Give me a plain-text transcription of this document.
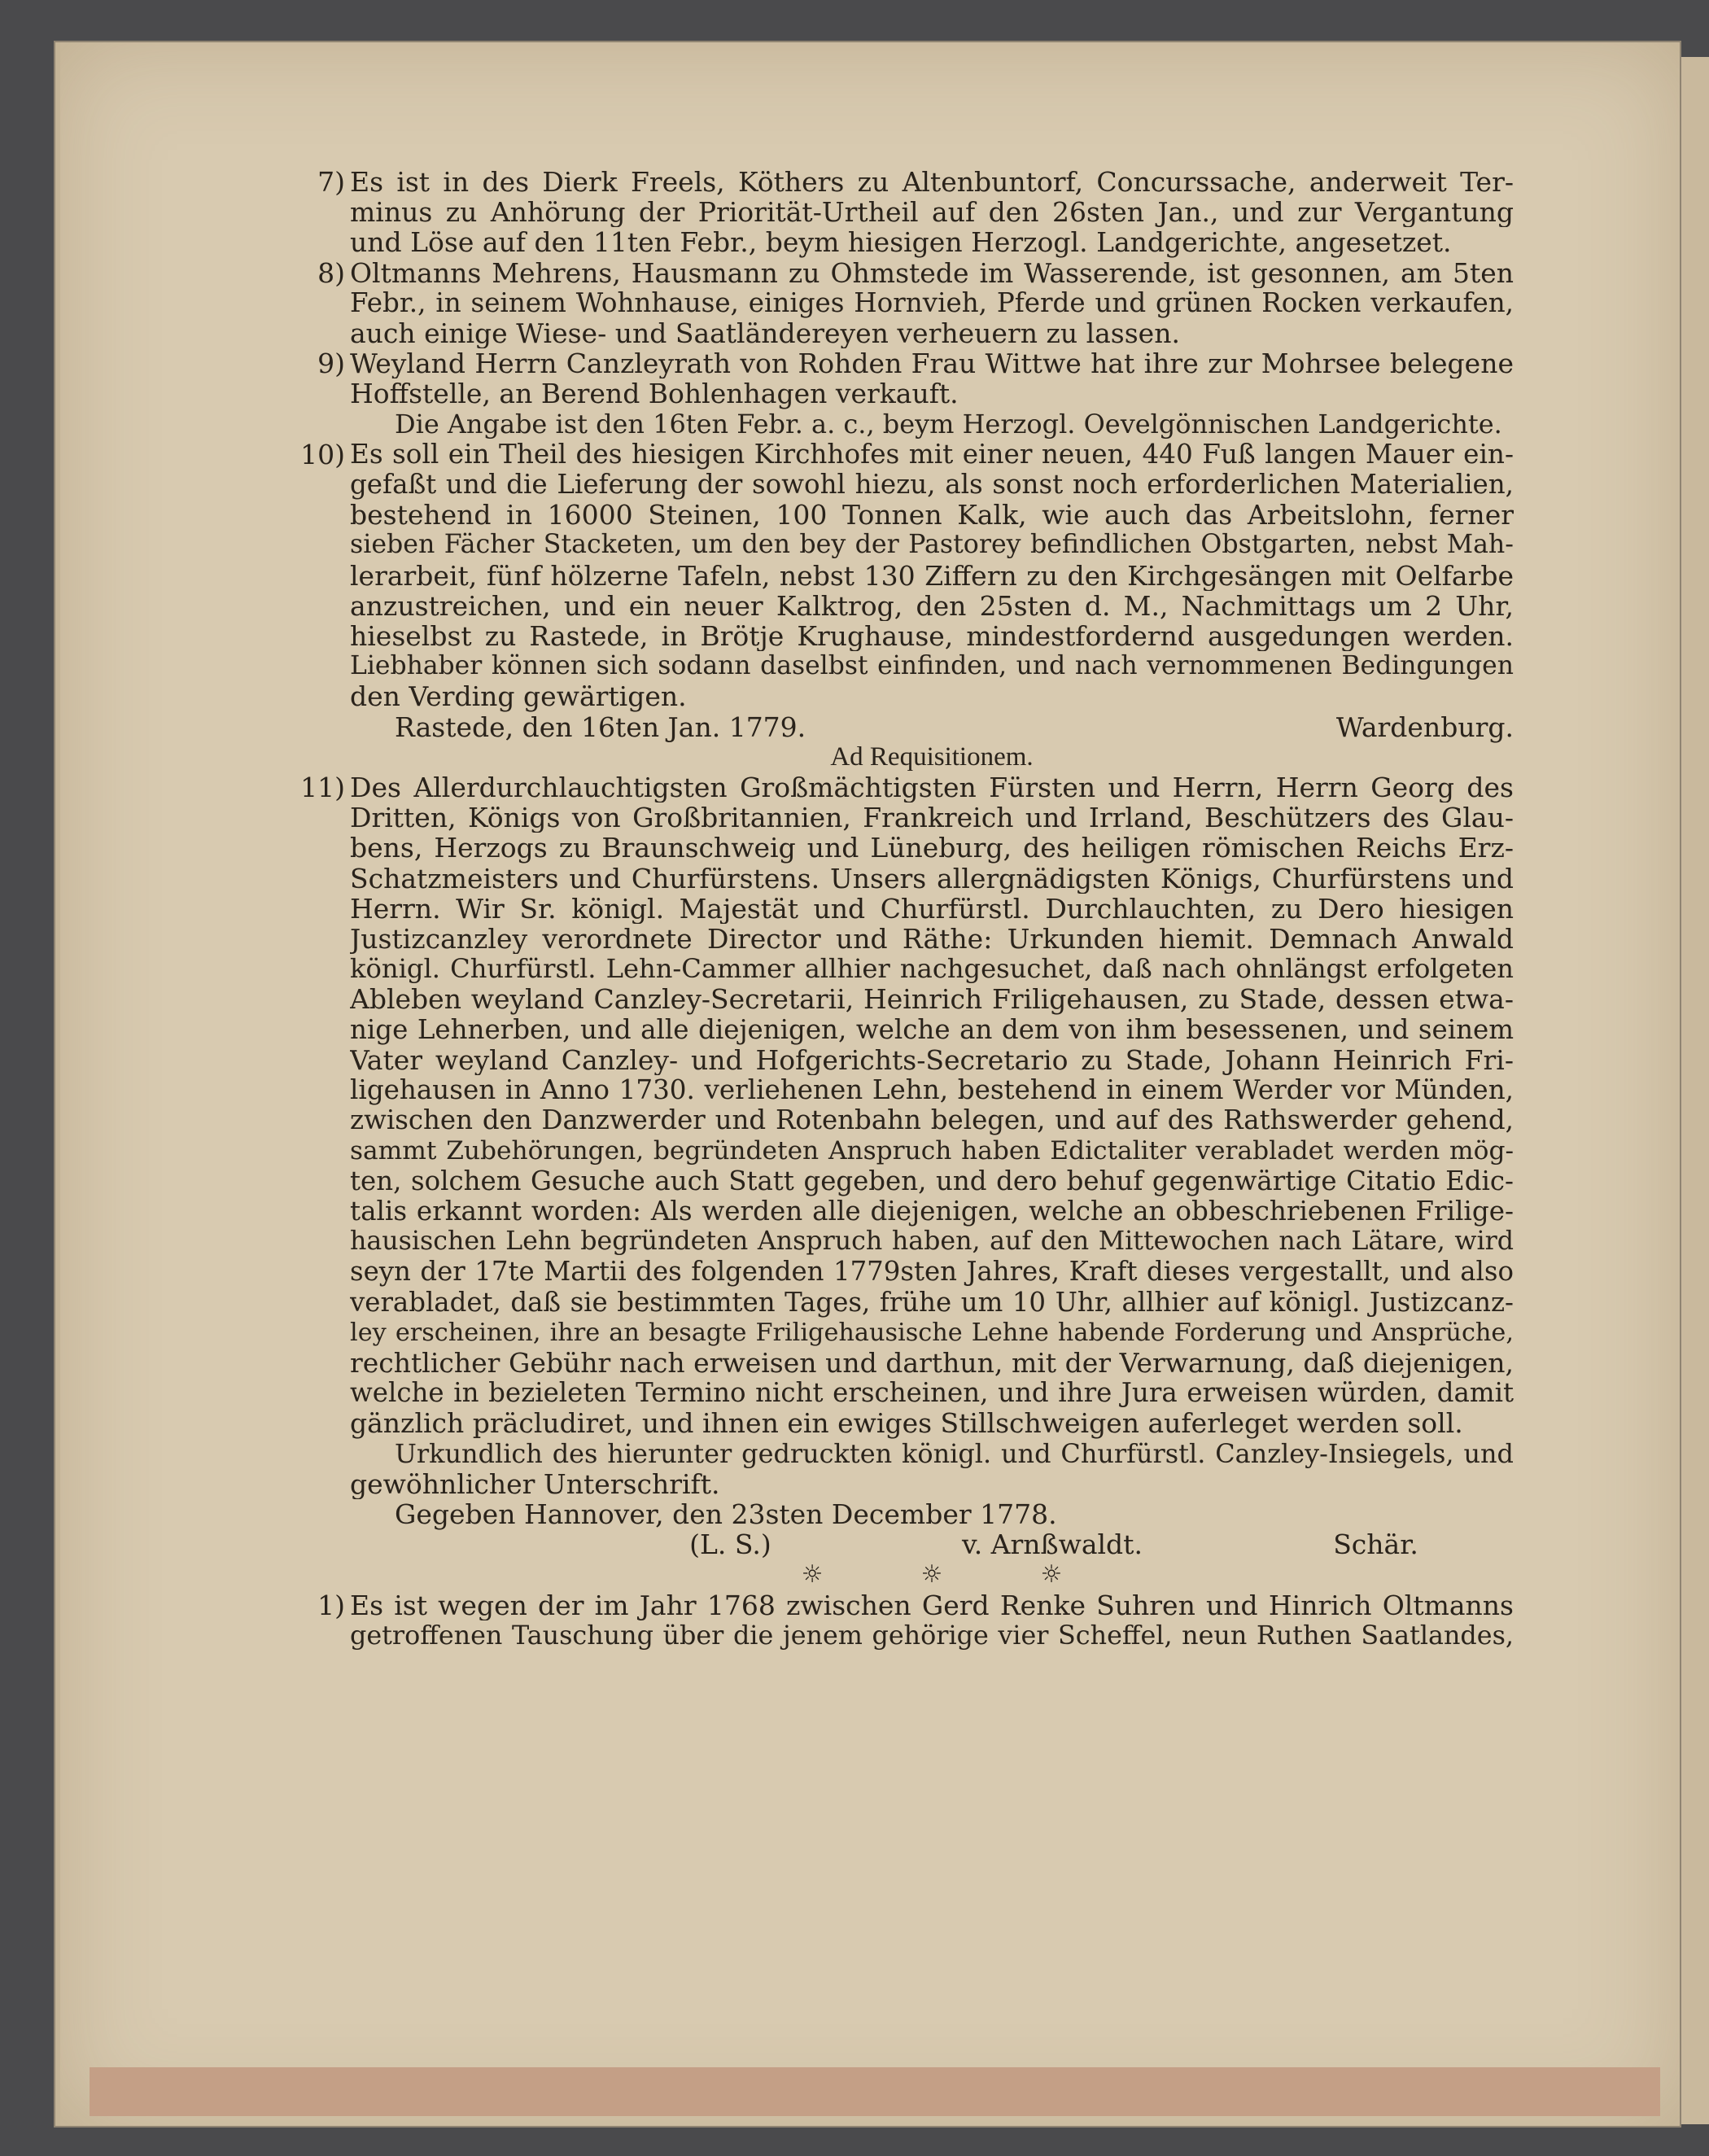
7) Es ist in des Dierk Freels, Köthers zu Altenbuntorf, Concurssache, anderweit Ter-
minus zu Anhörung der Priorität-Urtheil auf den 26sten Jan., und zur Vergantung
und Löse auf den 11ten Febr., beym hiesigen Herzogl. Landgerichte, angesetzet.
8) Oltmanns Mehrens, Hausmann zu Ohmstede im Wasserende, ist gesonnen, am 5ten
Febr., in seinem Wohnhause, einiges Hornvieh, Pferde und grünen Rocken verkaufen,
auch einige Wiese- und Saatländereyen verheuern zu lassen.
9) Weyland Herrn Canzleyrath von Rohden Frau Wittwe hat ihre zur Mohrsee belegene
Hoffstelle, an Berend Bohlenhagen verkauft.
Die Angabe ist den 16ten Febr. a. c., beym Herzogl. Oevelgönnischen Landgerichte.
10) Es soll ein Theil des hiesigen Kirchhofes mit einer neuen, 440 Fuß langen Mauer ein-
gefaßt und die Lieferung der sowohl hiezu, als sonst noch erforderlichen Materialien,
bestehend in 16000 Steinen, 100 Tonnen Kalk, wie auch das Arbeitslohn, ferner
sieben Fächer Stacketen, um den bey der Pastorey befindlichen Obstgarten, nebst Mah-
lerarbeit, fünf hölzerne Tafeln, nebst 130 Ziffern zu den Kirchgesängen mit Oelfarbe
anzustreichen, und ein neuer Kalktrog, den 25sten d. M., Nachmittags um 2 Uhr,
hieselbst zu Rastede, in Brötje Krughause, mindestfordernd ausgedungen werden.
Liebhaber können sich sodann daselbst einfinden, und nach vernommenen Bedingungen
den Verding gewärtigen.
Rastede, den 16ten Jan. 1779.	Wardenburg.
Ad Requisitionem.
11) Des Allerdurchlauchtigsten Großmächtigsten Fürsten und Herrn, Herrn Georg des
Dritten, Königs von Großbritannien, Frankreich und Irrland, Beschützers des Glau-
bens, Herzogs zu Braunschweig und Lüneburg, des heiligen römischen Reichs Erz-
Schatzmeisters und Churfürstens. Unsers allergnädigsten Königs, Churfürstens und
Herrn. Wir Sr. königl. Majestät und Churfürstl. Durchlauchten, zu Dero hiesigen
Justizcanzley verordnete Director und Räthe: Urkunden hiemit. Demnach Anwald
königl. Churfürstl. Lehn-Cammer allhier nachgesuchet, daß nach ohnlängst erfolgeten
Ableben weyland Canzley-Secretarii, Heinrich Friligehausen, zu Stade, dessen etwa-
nige Lehnerben, und alle diejenigen, welche an dem von ihm besessenen, und seinem
Vater weyland Canzley- und Hofgerichts-Secretario zu Stade, Johann Heinrich Fri-
ligehausen in Anno 1730. verliehenen Lehn, bestehend in einem Werder vor Münden,
zwischen den Danzwerder und Rotenbahn belegen, und auf des Rathswerder gehend,
sammt Zubehörungen, begründeten Anspruch haben Edictaliter verabladet werden mög-
ten, solchem Gesuche auch Statt gegeben, und dero behuf gegenwärtige Citatio Edic-
talis erkannt worden: Als werden alle diejenigen, welche an obbeschriebenen Frilige-
hausischen Lehn begründeten Anspruch haben, auf den Mittewochen nach Lätare, wird
seyn der 17te Martii des folgenden 1779sten Jahres, Kraft dieses vergestallt, und also
verabladet, daß sie bestimmten Tages, frühe um 10 Uhr, allhier auf königl. Justizcanz-
ley erscheinen, ihre an besagte Friligehausische Lehne habende Forderung und Ansprüche,
rechtlicher Gebühr nach erweisen und darthun, mit der Verwarnung, daß diejenigen,
welche in bezieleten Termino nicht erscheinen, und ihre Jura erweisen würden, damit
gänzlich präcludiret, und ihnen ein ewiges Stillschweigen auferleget werden soll.
Urkundlich des hierunter gedruckten königl. und Churfürstl. Canzley-Insiegels, und
gewöhnlicher Unterschrift.
Gegeben Hannover, den 23sten December 1778.
(L. S.)	v. Arnßwaldt.	Schär.
☼	☼	☼
1) Es ist wegen der im Jahr 1768 zwischen Gerd Renke Suhren und Hinrich Oltmanns
getroffenen Tauschung über die jenem gehörige vier Scheffel, neun Ruthen Saatlandes,
